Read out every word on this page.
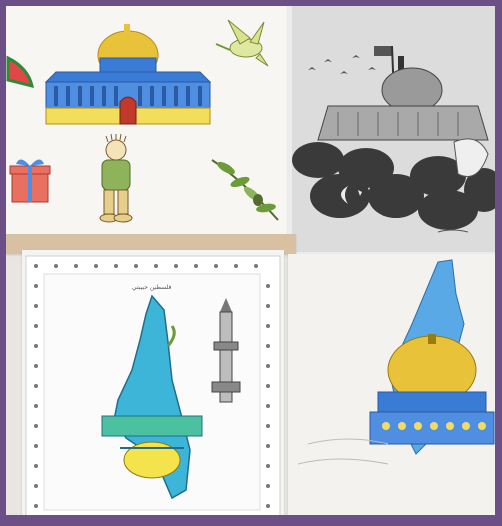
فلسطين حبيبتي
